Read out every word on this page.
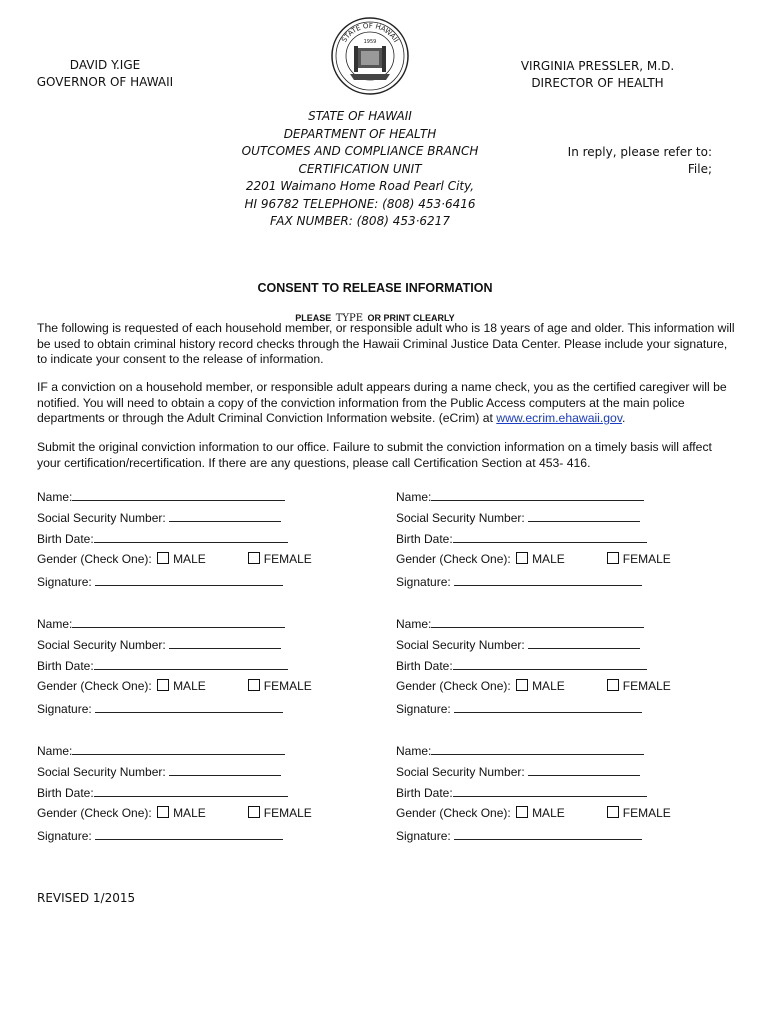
DAVID Y.IGE
GOVERNOR OF HAWAII
VIRGINIA PRESSLER, M.D.
DIRECTOR OF HEALTH
STATE OF HAWAII
1959
STATE OF HAWAII
DEPARTMENT OF HEALTH
OUTCOMES AND COMPLIANCE BRANCH
CERTIFICATION UNIT
2201 Waimano Home Road Pearl City,
HI 96782 TELEPHONE: (808) 453·6416
FAX NUMBER: (808) 453·6217
In reply, please refer to:
File;
CONSENT TO RELEASE INFORMATION
PLEASE TYPE OR PRINT CLEARLY
The following is requested of each household member, or responsible adult who is 18 years of age and older. This information will be used to obtain criminal history record checks through the Hawaii Criminal Justice Data Center. Please include your signature, to indicate your consent to the release of information.
IF a conviction on a household member, or responsible adult appears during a name check, you as the certified caregiver will be notified. You will need to obtain a copy of the conviction information from the Public Access computers at the main police departments or through the Adult Criminal Conviction Information website. (eCrim) at www.ecrim.ehawaii.gov.
Submit the original conviction information to our office. Failure to submit the conviction information on a timely basis will affect your certification/recertification. If there are any questions, please call Certification Section at 453- 416.
Name:
Social Security Number:
Birth Date:
Gender (Check One): MALE	FEMALE
Signature:
Name:
Social Security Number:
Birth Date:
Gender (Check One): MALE	FEMALE
Signature:
Name:
Social Security Number:
Birth Date:
Gender (Check One): MALE	FEMALE
Signature:
Name:
Social Security Number:
Birth Date:
Gender (Check One): MALE	FEMALE
Signature:
Name:
Social Security Number:
Birth Date:
Gender (Check One): MALE	FEMALE
Signature:
Name:
Social Security Number:
Birth Date:
Gender (Check One): MALE	FEMALE
Signature:
REVISED 1/2015
